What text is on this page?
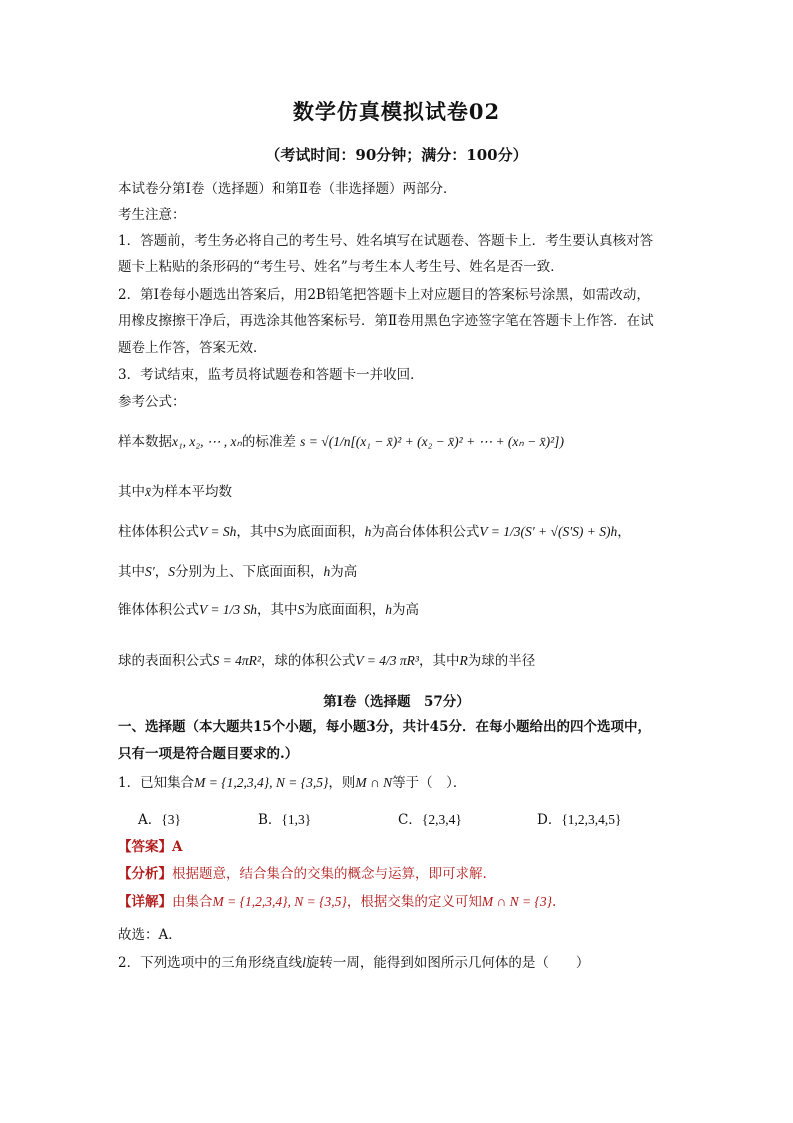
数学仿真模拟试卷02
（考试时间：90分钟；满分：100分）
本试卷分第Ⅰ卷（选择题）和第Ⅱ卷（非选择题）两部分．
考生注意：
1．答题前，考生务必将自己的考生号、姓名填写在试题卷、答题卡上．考生要认真核对答
题卡上粘贴的条形码的“考生号、姓名”与考生本人考生号、姓名是否一致．
2．第Ⅰ卷每小题选出答案后，用2B铅笔把答题卡上对应题目的答案标号涂黑，如需改动，
用橡皮擦擦干净后，再选涂其他答案标号．第Ⅱ卷用黑色字迹签字笔在答题卡上作答．在试
题卷上作答，答案无效．
3．考试结束，监考员将试题卷和答题卡一并收回．
参考公式：
样本数据x₁, x₂, ⋯ , xₙ的标准差 s = √(1/n[(x₁ − x̄)² + (x₂ − x̄)² + ⋯ + (xₙ − x̄)²])
其中x̄为样本平均数
柱体体积公式V = Sh，其中S为底面面积，h为高台体体积公式V = 1/3(S′ + √(S′S) + S)h，
其中S′，S分别为上、下底面面积，h为高
锥体体积公式V = 1/3 Sh，其中S为底面面积，h为高
球的表面积公式S = 4πR²，球的体积公式V = 4/3 πR³，其中R为球的半径
第Ⅰ卷（选择题　57分）
一、选择题（本大题共15个小题，每小题3分，共计45分．在每小题给出的四个选项中，
只有一项是符合题目要求的.）
1．已知集合M = {1,2,3,4}, N = {3,5}，则M ∩ N等于（　）．
A．{3}	B．{1,3}	C．{2,3,4}	D．{1,2,3,4,5}
【答案】A
【分析】根据题意，结合集合的交集的概念与运算，即可求解.
【详解】由集合M = {1,2,3,4}, N = {3,5}，根据交集的定义可知M ∩ N = {3}.
故选：A．
2．下列选项中的三角形绕直线l旋转一周，能得到如图所示几何体的是（　　）
